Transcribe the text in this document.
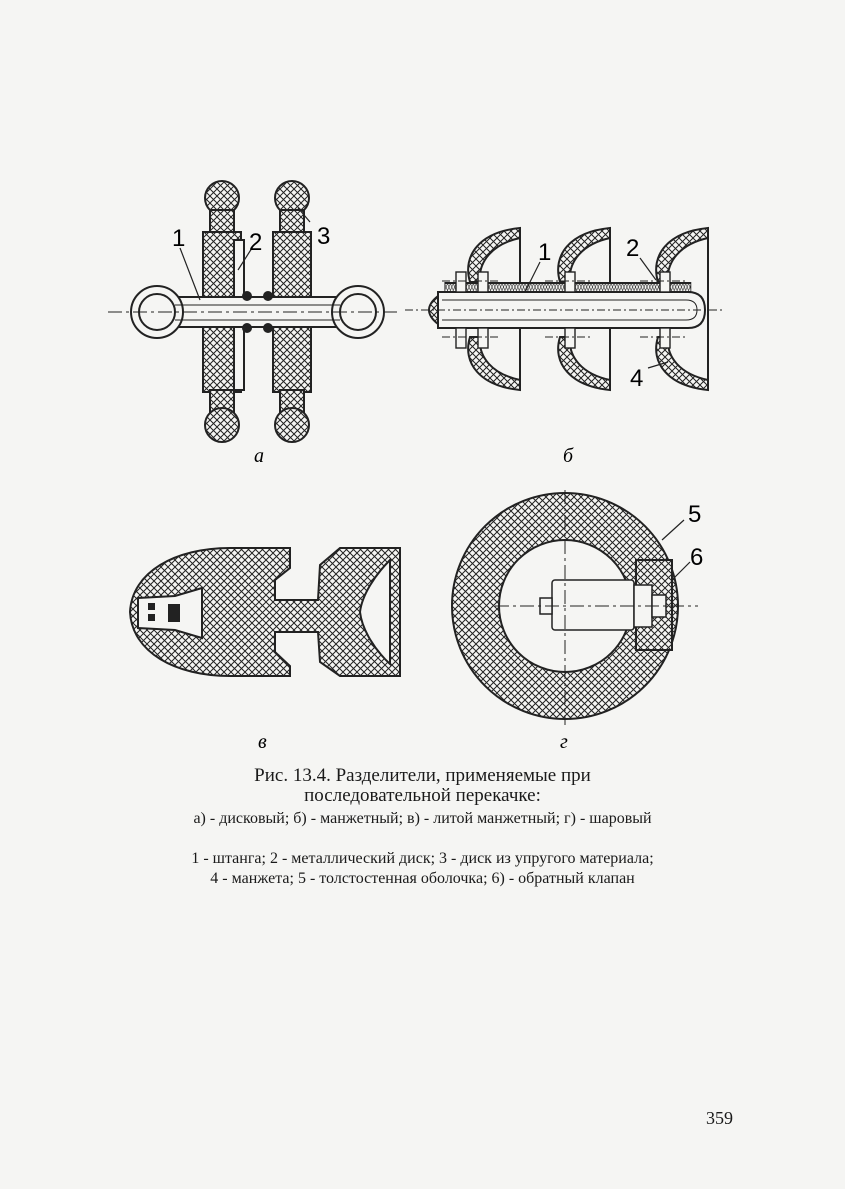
1	2 3
а
1	2
4
б
в
5
6
г
Рис. 13.4. Разделители, применяемые при
последовательной перекачке:
а) - дисковый; б) - манжетный; в) - литой манжетный; г) - шаровый
1 - штанга; 2 - металлический диск; 3 - диск из упругого материала;
4 - манжета; 5 - толстостенная оболочка; 6) - обратный клапан
359
